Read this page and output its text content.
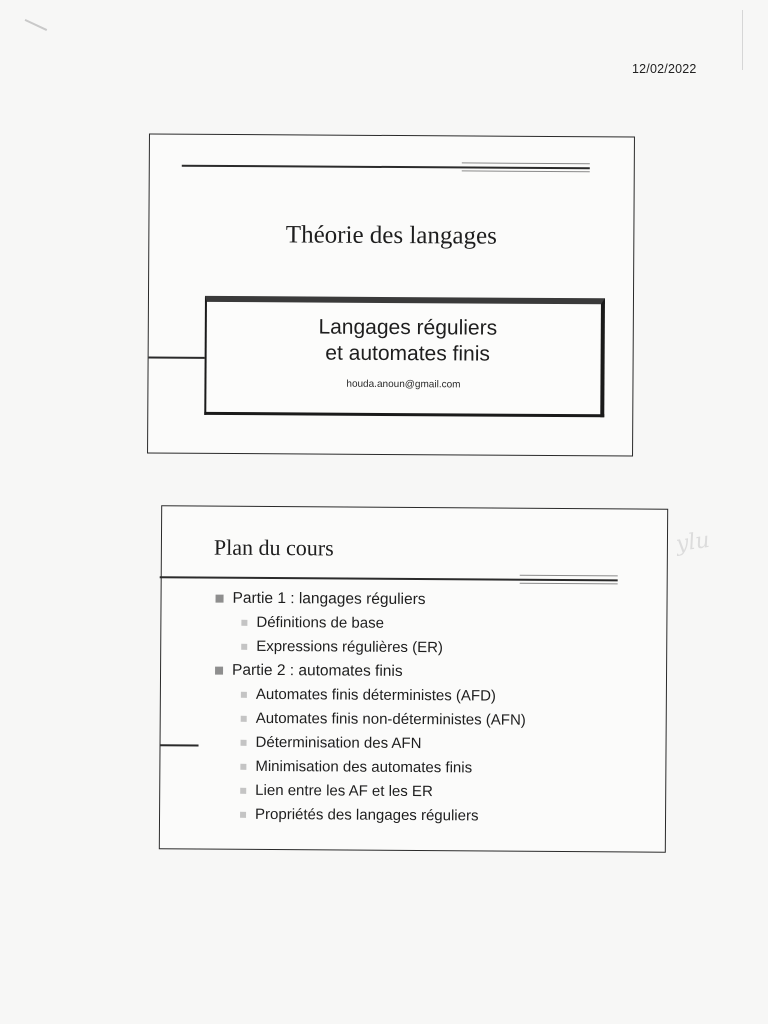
12/02/2022
ylu
Théorie des langages
Langages réguliers
et automates finis
houda.anoun@gmail.com
Plan du cours
Partie 1 : langages réguliers
Définitions de base
Expressions régulières (ER)
Partie 2 : automates finis
Automates finis déterministes (AFD)
Automates finis non-déterministes (AFN)
Déterminisation des AFN
Minimisation des automates finis
Lien entre les AF et les ER
Propriétés des langages réguliers
